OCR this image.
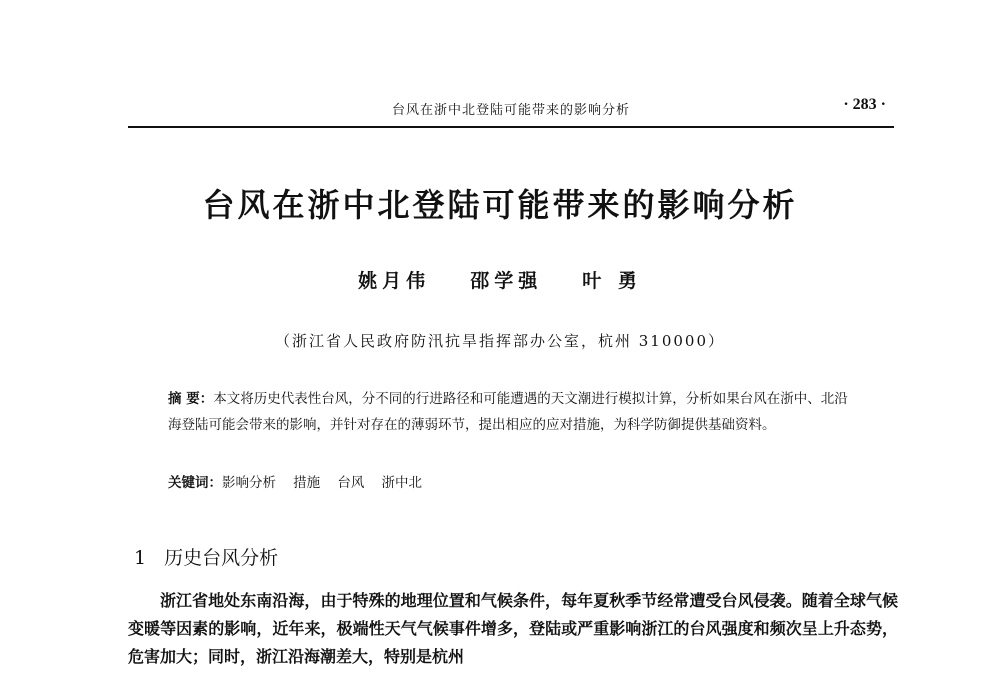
台风在浙中北登陆可能带来的影响分析	· 283 ·
台风在浙中北登陆可能带来的影响分析
姚月伟 邵学强 叶 勇
（浙江省人民政府防汛抗旱指挥部办公室，杭州 310000）
摘 要：本文将历史代表性台风，分不同的行进路径和可能遭遇的天文潮进行模拟计算，分析如果台风在浙中、北沿海登陆可能会带来的影响，并针对存在的薄弱环节，提出相应的应对措施，为科学防御提供基础资料。
关键词：影响分析    措施    台风    浙中北
1 历史台风分析
浙江省地处东南沿海，由于特殊的地理位置和气候条件，每年夏秋季节经常遭受台风侵袭。随着全球气候变暖等因素的影响，近年来，极端性天气气候事件增多，登陆或严重影响浙江的台风强度和频次呈上升态势，危害加大；同时，浙江沿海潮差大，特别是杭州
